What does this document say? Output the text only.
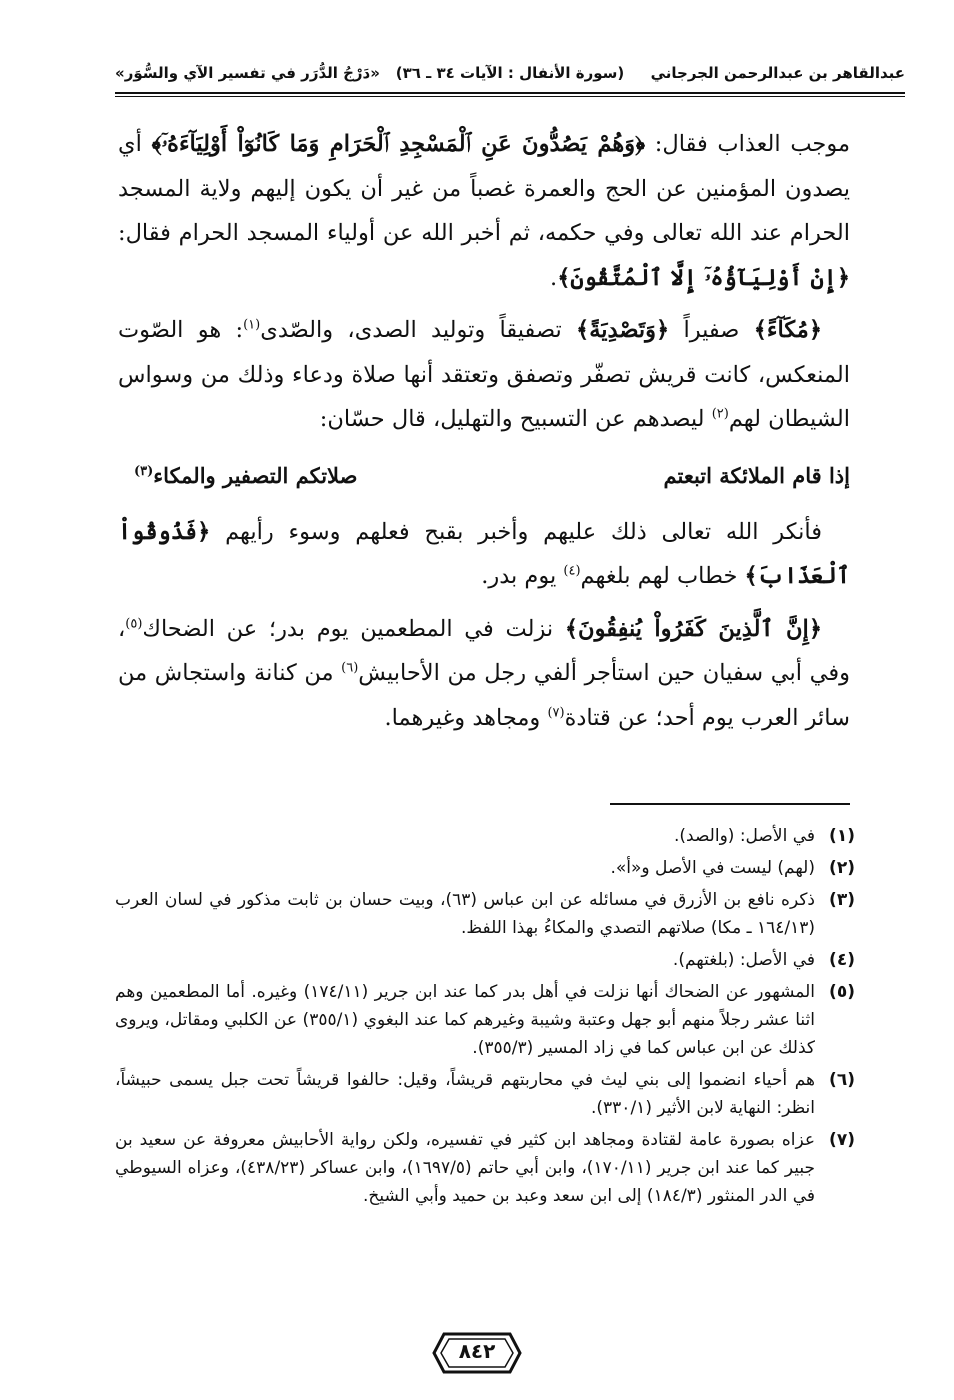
عبدالقاهر بن عبدالرحمن الجرجاني
(سورة الأنفال : الآيات ٣٤ ـ ٣٦)
«دَرْجُ الدُّرَر في تفسير الآي والسُّوَر»

موجب العذاب فقال: ﴿وَهُمْ يَصُدُّونَ عَنِ ٱلْمَسْجِدِ ٱلْحَرَامِ وَمَا كَانُوٓاْ أَوْلِيَآءَهُۥٓ﴾ أي يصدون المؤمنين عن الحج والعمرة غصباً من غير أن يكون إليهم ولاية المسجد الحرام عند الله تعالى وفي حكمه، ثم أخبر الله عن أولياء المسجد الحرام فقال: ﴿إِنْ أَوْلِيَآؤُهُۥٓ إِلَّا ٱلْمُتَّقُونَ﴾.

﴿مُكَآءً﴾ صفيراً ﴿وَتَصْدِيَةً﴾ تصفيقاً وتوليد الصدى، والصّدى$^{(١)}$: هو الصّوت المنعكس، كانت قريش تصفّر وتصفق وتعتقد أنها صلاة ودعاء وذلك من وسواس الشيطان لهم$^{(٢)}$ ليصدهم عن التسبيح والتهليل، قال حسّان:

إذا قام الملائكة اتبعتم
صلاتكم التصفير والمكاء$^{(٣)}$

فأنكر الله تعالى ذلك عليهم وأخبر بقبح فعلهم وسوء رأيهم ﴿فَذُوقُواْ ٱلْعَذَابَ﴾ خطاب لهم بلغهم$^{(٤)}$ يوم بدر.

﴿إِنَّ ٱلَّذِينَ كَفَرُواْ يُنفِقُونَ﴾ نزلت في المطعمين يوم بدر؛ عن الضحاك$^{(٥)}$، وفي أبي سفيان حين استأجر ألفي رجل من الأحابيش$^{(٦)}$ من كنانة واستجاش من سائر العرب يوم أحد؛ عن قتادة$^{(٧)}$ ومجاهد وغيرهما.

(١)
في الأصل: (والصد).
(٢)
(لهم) ليست في الأصل و«أ».
(٣)
ذكره نافع بن الأزرق في مسائله عن ابن عباس (٦٣)، وبيت حسان بن ثابت مذكور في لسان العرب (١٦٤/١٣ ـ مكا) صلاتهم التصدي والمكاءُ بهذا اللفظ.
(٤)
في الأصل: (بلغتهم).
(٥)
المشهور عن الضحاك أنها نزلت في أهل بدر كما عند ابن جرير (١٧٤/١١) وغيره. أما المطعمين وهم اثنا عشر رجلاً منهم أبو جهل وعتبة وشيبة وغيرهم كما عند البغوي (٣٥٥/١) عن الكلبي ومقاتل، ويروى كذلك عن ابن عباس كما في زاد المسير (٣٥٥/٣).
(٦)
هم أحياء انضموا إلى بني ليث في محاربتهم قريشاً، وقيل: حالفوا قريشاً تحت جبل يسمى حبيشاً، انظر: النهاية لابن الأثير (٣٣٠/١).
(٧)
عزاه بصورة عامة لقتادة ومجاهد ابن كثير في تفسيره، ولكن رواية الأحابيش معروفة عن سعيد بن جبير كما عند ابن جرير (١٧٠/١١)، وابن أبي حاتم (١٦٩٧/٥)، وابن عساكر (٤٣٨/٢٣)، وعزاه السيوطي في الدر المنثور (١٨٤/٣) إلى ابن سعد وعبد بن حميد وأبي الشيخ.
٨٤٢
